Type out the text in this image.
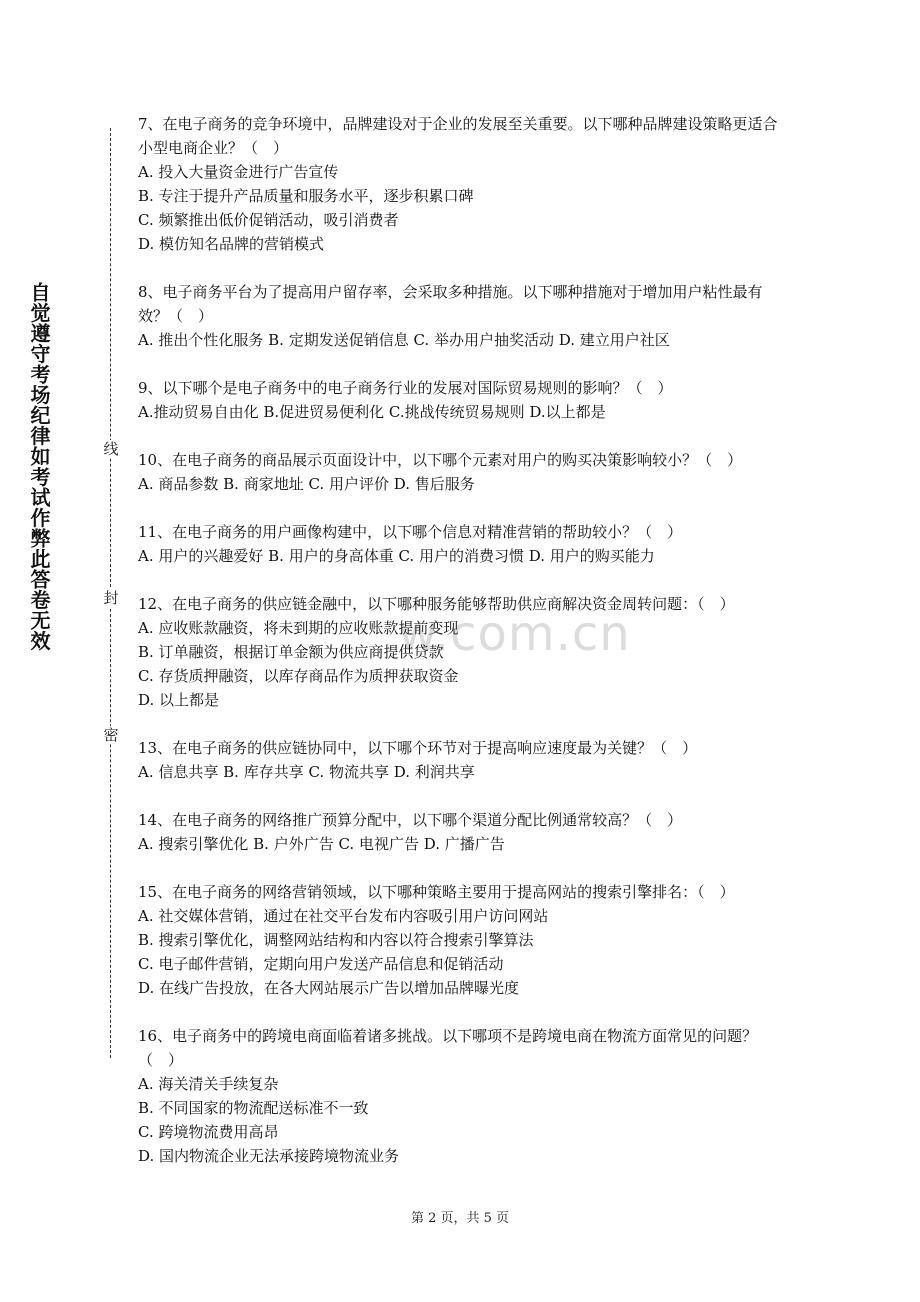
自觉遵守考场纪律如考试作弊此答卷无效	线
封
密
w.com.cn

7、在电子商务的竞争环境中，品牌建设对于企业的发展至关重要。以下哪种品牌建设策略更适合小型电商企业？（　）

A. 投入大量资金进行广告宣传

B. 专注于提升产品质量和服务水平，逐步积累口碑

C. 频繁推出低价促销活动，吸引消费者

D. 模仿知名品牌的营销模式

8、电子商务平台为了提高用户留存率，会采取多种措施。以下哪种措施对于增加用户粘性最有效？（　）

A. 推出个性化服务 B. 定期发送促销信息 C. 举办用户抽奖活动 D. 建立用户社区

9、以下哪个是电子商务中的电子商务行业的发展对国际贸易规则的影响？（　）

A.推动贸易自由化 B.促进贸易便利化 C.挑战传统贸易规则 D.以上都是

10、在电子商务的商品展示页面设计中，以下哪个元素对用户的购买决策影响较小？（　）

A. 商品参数 B. 商家地址 C. 用户评价 D. 售后服务

11、在电子商务的用户画像构建中，以下哪个信息对精准营销的帮助较小？（　）

A. 用户的兴趣爱好 B. 用户的身高体重 C. 用户的消费习惯 D. 用户的购买能力

12、在电子商务的供应链金融中，以下哪种服务能够帮助供应商解决资金周转问题：（　）

A. 应收账款融资，将未到期的应收账款提前变现

B. 订单融资，根据订单金额为供应商提供贷款

C. 存货质押融资，以库存商品作为质押获取资金

D. 以上都是

13、在电子商务的供应链协同中，以下哪个环节对于提高响应速度最为关键？（　）

A. 信息共享 B. 库存共享 C. 物流共享 D. 利润共享

14、在电子商务的网络推广预算分配中，以下哪个渠道分配比例通常较高？（　）

A. 搜索引擎优化 B. 户外广告 C. 电视广告 D. 广播广告

15、在电子商务的网络营销领域，以下哪种策略主要用于提高网站的搜索引擎排名：（　）

A. 社交媒体营销，通过在社交平台发布内容吸引用户访问网站

B. 搜索引擎优化，调整网站结构和内容以符合搜索引擎算法

C. 电子邮件营销，定期向用户发送产品信息和促销活动

D. 在线广告投放，在各大网站展示广告以增加品牌曝光度

16、电子商务中的跨境电商面临着诸多挑战。以下哪项不是跨境电商在物流方面常见的问题？（　）

A. 海关清关手续复杂

B. 不同国家的物流配送标准不一致

C. 跨境物流费用高昂

D. 国内物流企业无法承接跨境物流业务

第 2 页，共 5 页
